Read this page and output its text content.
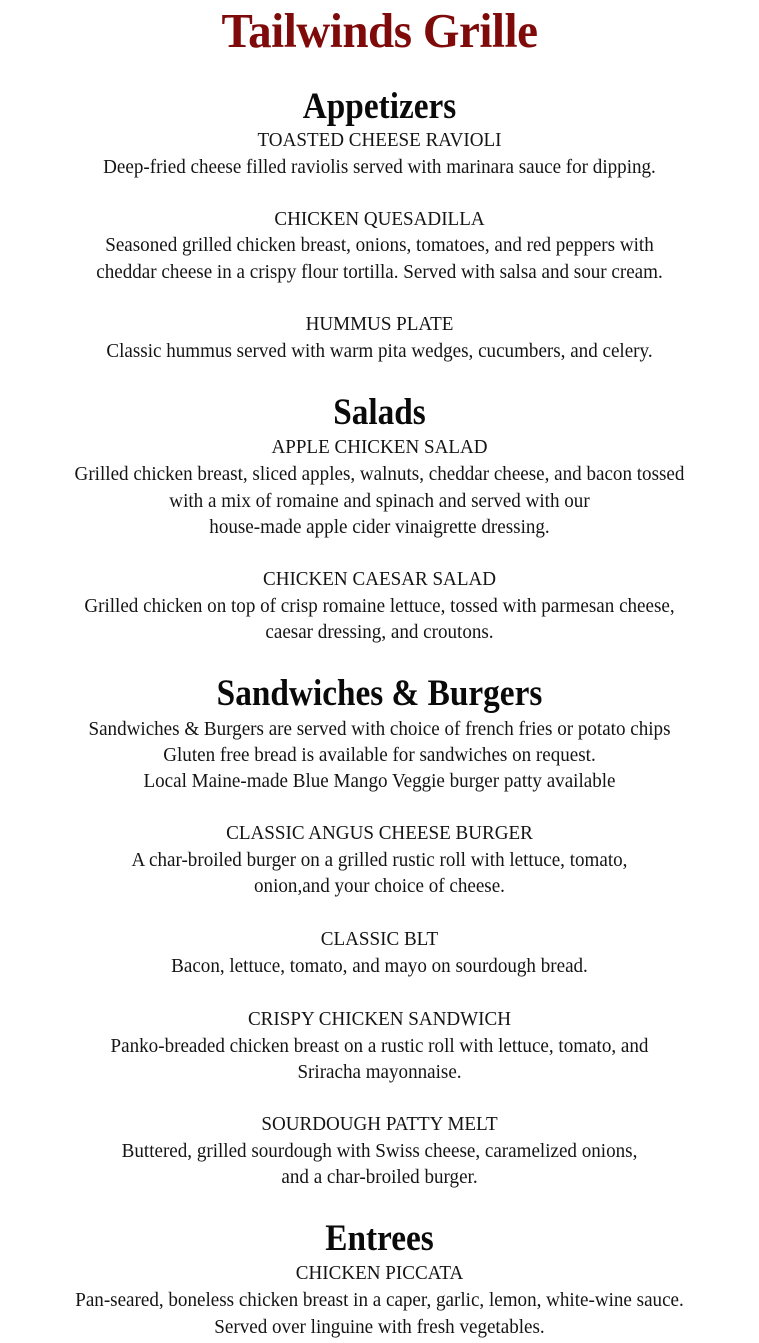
Tailwinds Grille
Appetizers
TOASTED CHEESE RAVIOLI
Deep-fried cheese filled raviolis served with marinara sauce for dipping.
CHICKEN QUESADILLA
Seasoned grilled chicken breast, onions, tomatoes, and red peppers with
cheddar cheese in a crispy flour tortilla. Served with salsa and sour cream.
HUMMUS PLATE
Classic hummus served with warm pita wedges, cucumbers, and celery.
Salads
APPLE CHICKEN SALAD
Grilled chicken breast, sliced apples, walnuts, cheddar cheese, and bacon tossed
with a mix of romaine and spinach and served with our
house-made apple cider vinaigrette dressing.
CHICKEN CAESAR SALAD
Grilled chicken on top of crisp romaine lettuce, tossed with parmesan cheese,
caesar dressing, and croutons.
Sandwiches & Burgers
Sandwiches & Burgers are served with choice of french fries or potato chips
Gluten free bread is available for sandwiches on request.
Local Maine-made Blue Mango Veggie burger patty available
CLASSIC ANGUS CHEESE BURGER
A char-broiled burger on a grilled rustic roll with lettuce, tomato,
onion,and your choice of cheese.
CLASSIC BLT
Bacon, lettuce, tomato, and mayo on sourdough bread.
CRISPY CHICKEN SANDWICH
Panko-breaded chicken breast on a rustic roll with lettuce, tomato, and
Sriracha mayonnaise.
SOURDOUGH PATTY MELT
Buttered, grilled sourdough with Swiss cheese, caramelized onions,
and a char-broiled burger.
Entrees
CHICKEN PICCATA
Pan-seared, boneless chicken breast in a caper, garlic, lemon, white-wine sauce.
Served over linguine with fresh vegetables.
